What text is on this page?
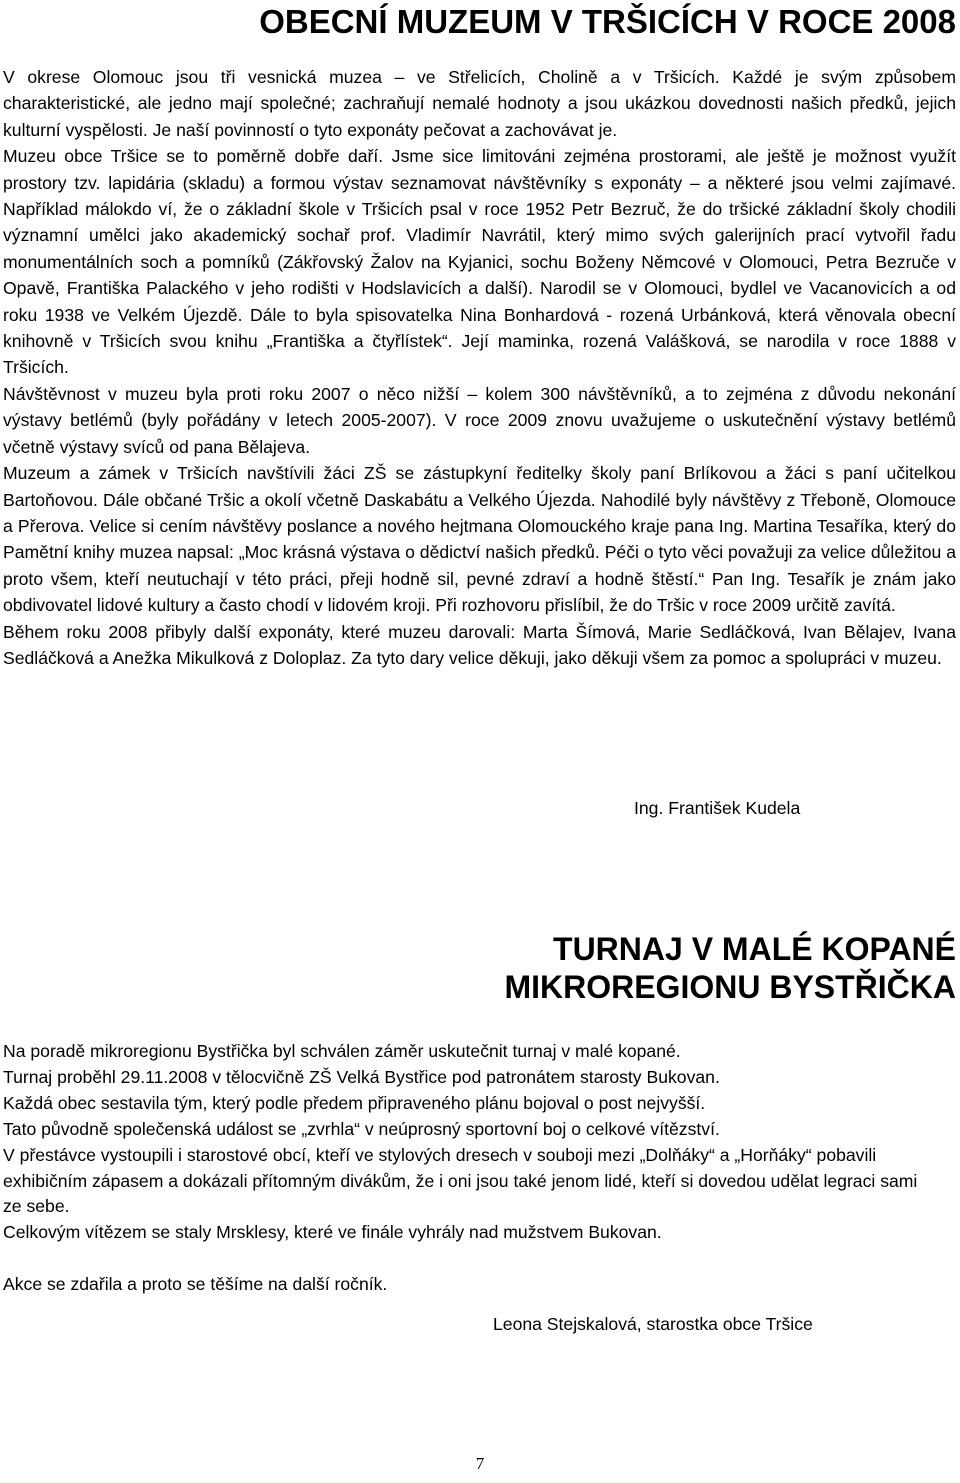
OBECNÍ MUZEUM V TRŠICÍCH V ROCE 2008

V okrese Olomouc jsou tři vesnická muzea – ve Střelicích, Cholině a v Tršicích. Každé je svým způsobem charakteristické, ale jedno mají společné; zachraňují nemalé hodnoty a jsou ukázkou dovednosti našich předků, jejich kulturní vyspělosti. Je naší povinností o tyto exponáty pečovat a zachovávat je.

Muzeu obce Tršice se to poměrně dobře daří. Jsme sice limitováni zejména prostorami, ale ještě je možnost využít prostory tzv. lapidária (skladu) a formou výstav seznamovat návštěvníky s exponáty – a některé jsou velmi zajímavé. Například málokdo ví, že o základní škole v Tršicích psal v roce 1952 Petr Bezruč, že do tršické základní školy chodili významní umělci jako akademický sochař prof. Vladimír Navrátil, který mimo svých galerijních prací vytvořil řadu monumentálních soch a pomníků (Zákřovský Žalov na Kyjanici, sochu Boženy Němcové v Olomouci, Petra Bezruče v Opavě, Františka Palackého v jeho rodišti v Hodslavicích a další). Narodil se v Olomouci, bydlel ve Vacanovicích a od roku 1938 ve Velkém Újezdě. Dále to byla spisovatelka Nina Bonhardová - rozená Urbánková, která věnovala obecní knihovně v Tršicích svou knihu „Františka a čtyřlístek“. Její maminka, rozená Valášková, se narodila v roce 1888 v Tršicích.

Návštěvnost v muzeu byla proti roku 2007 o něco nižší – kolem 300 návštěvníků, a to zejména z důvodu nekonání výstavy betlémů (byly pořádány v letech 2005-2007). V roce 2009 znovu uvažujeme o uskutečnění výstavy betlémů včetně výstavy svíců od pana Bělajeva.

Muzeum a zámek v Tršicích navštívili žáci ZŠ se zástupkyní ředitelky školy paní Brlíkovou a žáci s paní učitelkou Bartoňovou. Dále občané Tršic a okolí včetně Daskabátu a Velkého Újezda. Nahodilé byly návštěvy z Třeboně, Olomouce a Přerova. Velice si cením návštěvy poslance a nového hejtmana Olomouckého kraje pana Ing. Martina Tesaříka, který do Pamětní knihy muzea napsal: „Moc krásná výstava o dědictví našich předků. Péči o tyto věci považuji za velice důležitou a proto všem, kteří neutuchají v této práci, přeji hodně sil, pevné zdraví a hodně štěstí.“ Pan Ing. Tesařík je znám jako obdivovatel lidové kultury a často chodí v lidovém kroji. Při rozhovoru přislíbil, že do Tršic v roce 2009 určitě zavítá.

Během roku 2008 přibyly další exponáty, které muzeu darovali: Marta Šímová, Marie Sedláčková, Ivan Bělajev, Ivana Sedláčková a Anežka Mikulková z Doloplaz. Za tyto dary velice děkuji, jako děkuji všem za pomoc a spolupráci v muzeu.

Ing. František Kudela
TURNAJ V MALÉ KOPANÉ
MIKROREGIONU BYSTŘIČKA

Na poradě mikroregionu Bystřička byl schválen záměr uskutečnit turnaj v malé kopané.

Turnaj proběhl 29.11.2008 v tělocvičně ZŠ Velká Bystřice pod patronátem starosty Bukovan.

Každá obec sestavila tým, který podle předem připraveného plánu bojoval o post nejvyšší.

Tato původně společenská událost se „zvrhla“ v neúprosný sportovní boj o celkové vítězství.

V přestávce vystoupili i starostové obcí, kteří ve stylových dresech v souboji mezi „Dolňáky“ a „Horňáky“ pobavili exhibičním zápasem a dokázali přítomným divákům, že i oni jsou také jenom lidé, kteří si dovedou udělat legraci sami ze sebe.

Celkovým vítězem se staly Mrsklesy, které ve finále vyhrály nad mužstvem Bukovan.

Akce se zdařila a proto se těšíme na další ročník.

Leona Stejskalová, starostka obce Tršice
7
